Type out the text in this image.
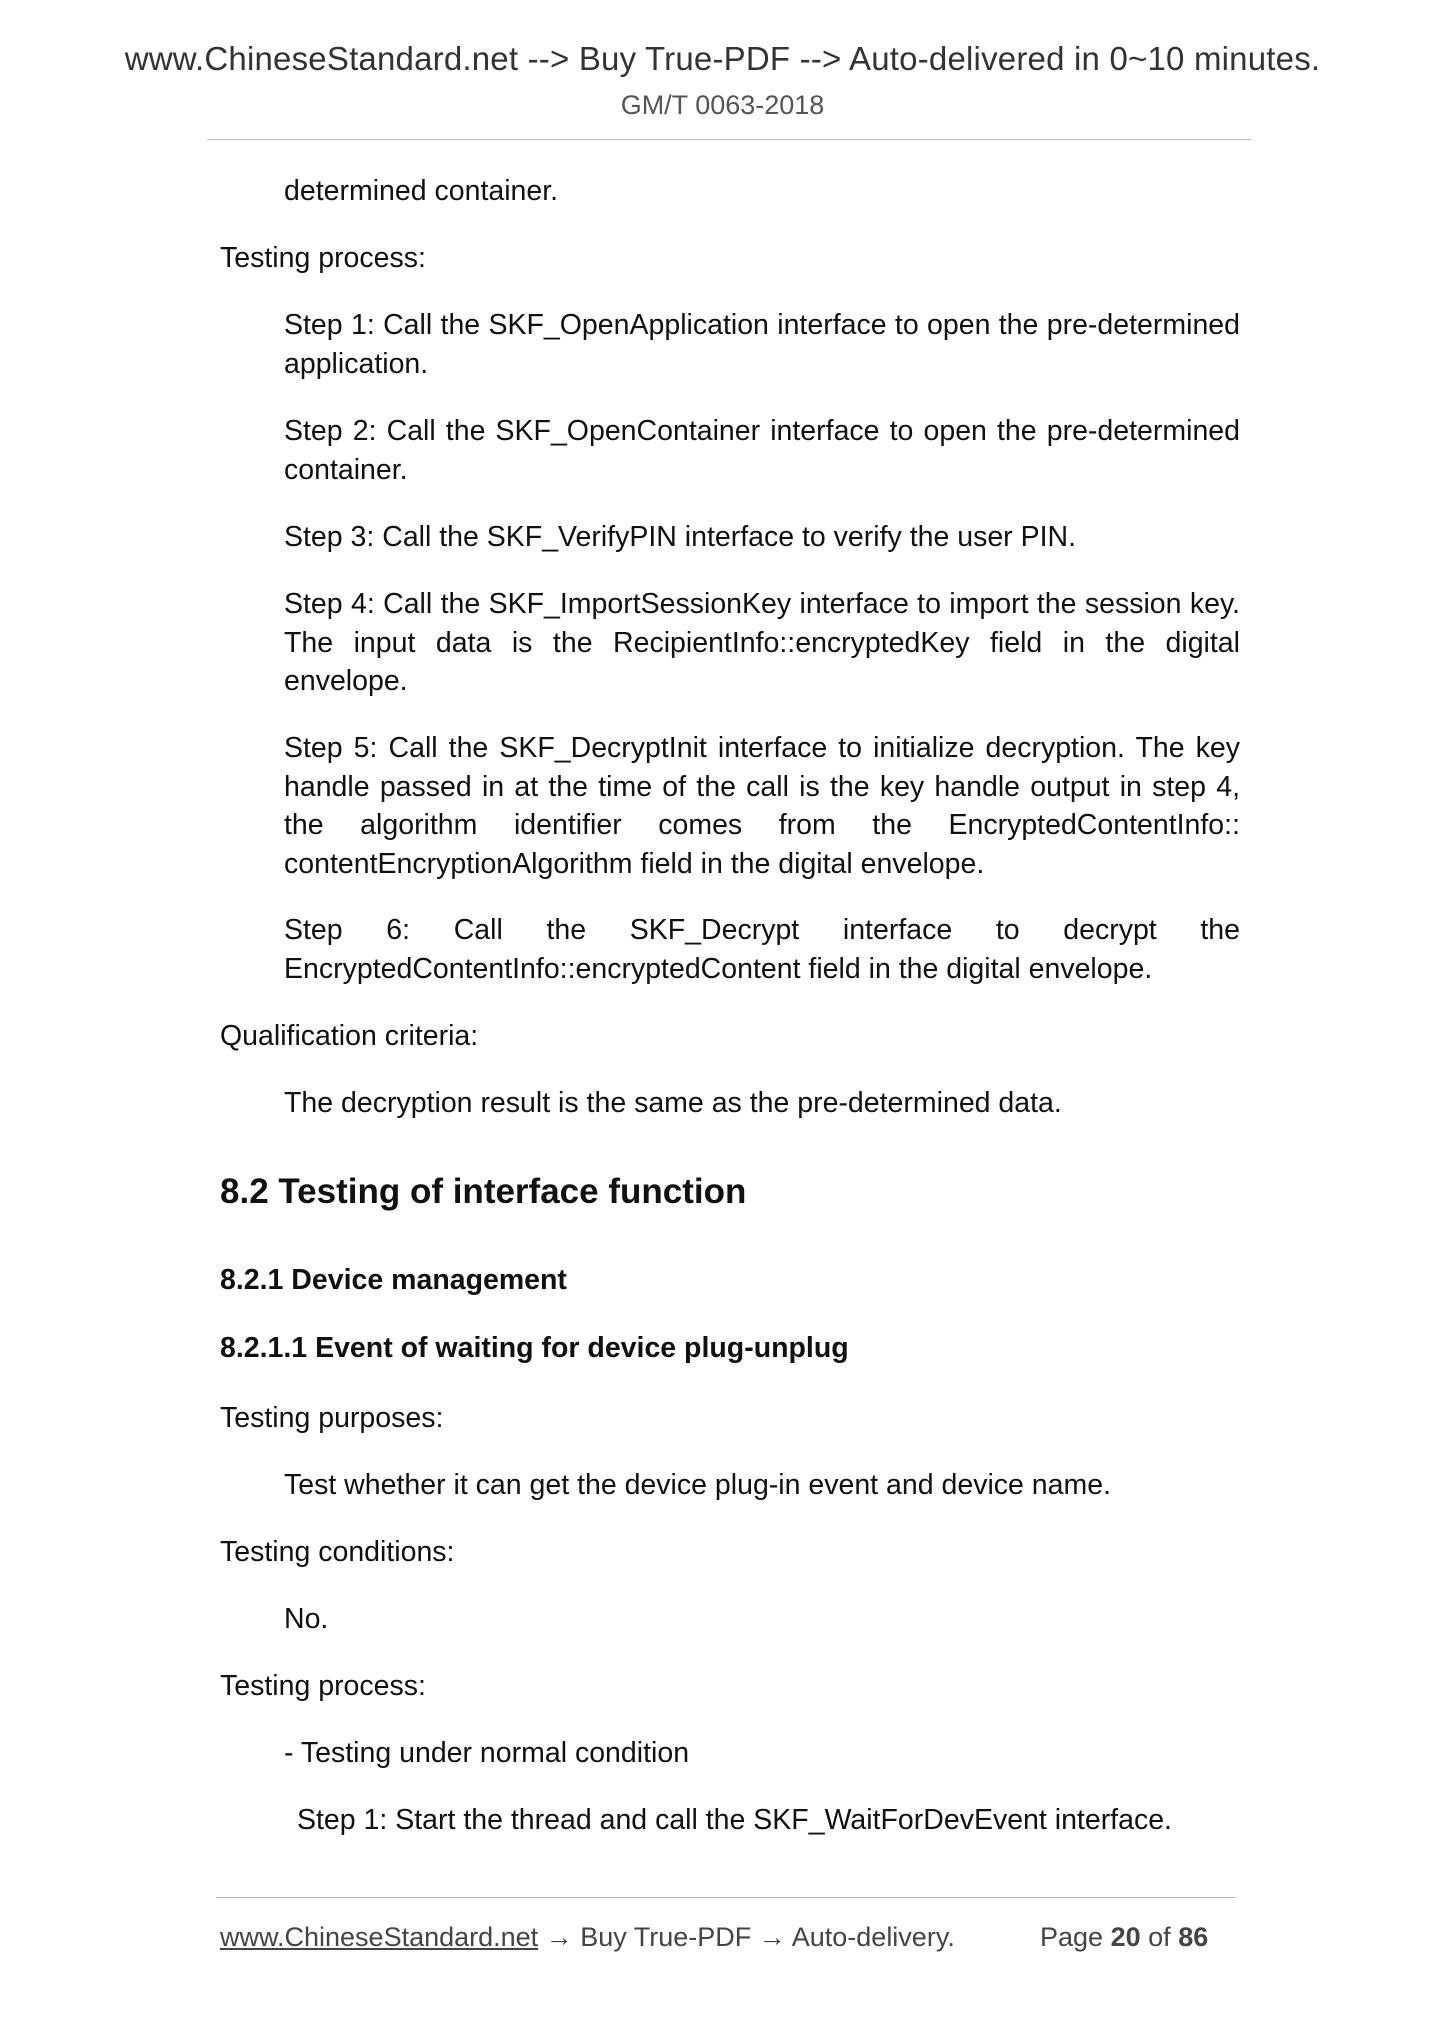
www.ChineseStandard.net --> Buy True-PDF --> Auto-delivered in 0~10 minutes.
GM/T 0063-2018

determined container.

Testing process:

Step 1: Call the SKF_OpenApplication interface to open the pre-determined application.

Step 2: Call the SKF_OpenContainer interface to open the pre-determined container.

Step 3: Call the SKF_VerifyPIN interface to verify the user PIN.

Step 4: Call the SKF_ImportSessionKey interface to import the session key. The input data is the RecipientInfo::encryptedKey field in the digital envelope.

Step 5: Call the SKF_DecryptInit interface to initialize decryption. The key handle passed in at the time of the call is the key handle output in step 4, the algorithm identifier comes from the EncryptedContentInfo:: contentEncryptionAlgorithm field in the digital envelope.

Step 6: Call the SKF_Decrypt interface to decrypt the EncryptedContentInfo::encryptedContent field in the digital envelope.

Qualification criteria:

The decryption result is the same as the pre-determined data.

8.2 Testing of interface function
8.2.1 Device management
8.2.1.1 Event of waiting for device plug-unplug

Testing purposes:

Test whether it can get the device plug-in event and device name.

Testing conditions:

No.

Testing process:

- Testing under normal condition

Step 1: Start the thread and call the SKF_WaitForDevEvent interface.

www.ChineseStandard.net → Buy True-PDF → Auto-delivery.	Page 20 of 86
